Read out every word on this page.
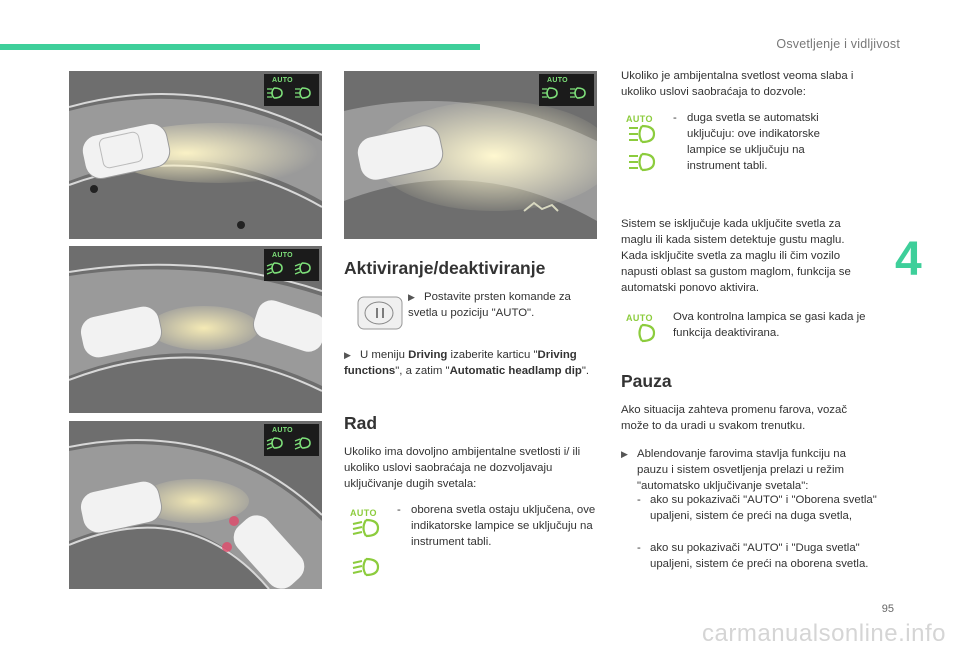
Osvetljenje i vidljivost
4
AUTO
AUTO
AUTO
AUTO
Aktiviranje/deaktiviranje
▶ Postavite prsten komande za svetla u poziciju "AUTO".
▶ U meniju Driving izaberite karticu "Driving functions", a zatim "Automatic headlamp dip".
Rad
Ukoliko ima dovoljno ambijentalne svetlosti i/ ili ukoliko uslovi saobraćaja ne dozvoljavaju uključivanje dugih svetala:
AUTO	- oborena svetla ostaju uključena, ove indikatorske lampice se uključuju na instrument tabli.
Ukoliko je ambijentalna svetlost veoma slaba i ukoliko uslovi saobraćaja to dozvole:
AUTO	- duga svetla se automatski uključuju: ove indikatorske lampice se uključuju na instrument tabli.
Sistem se isključuje kada uključite svetla za maglu ili kada sistem detektuje gustu maglu. Kada isključite svetla za maglu ili čim vozilo napusti oblast sa gustom maglom, funkcija se automatski ponovo aktivira.
AUTO	Ova kontrolna lampica se gasi kada je funkcija deaktivirana.
Pauza
Ako situacija zahteva promenu farova, vozač može to da uradi u svakom trenutku.
▶ Ablendovanje farovima stavlja funkciju na pauzu i sistem osvetljenja prelazi u režim "automatsko uključivanje svetala":
- ako su pokazivači "AUTO" i "Oborena svetla" upaljeni, sistem će preći na duga svetla,
- ako su pokazivači "AUTO" i "Duga svetla" upaljeni, sistem će preći na oborena svetla.
95
carmanualsonline.info
